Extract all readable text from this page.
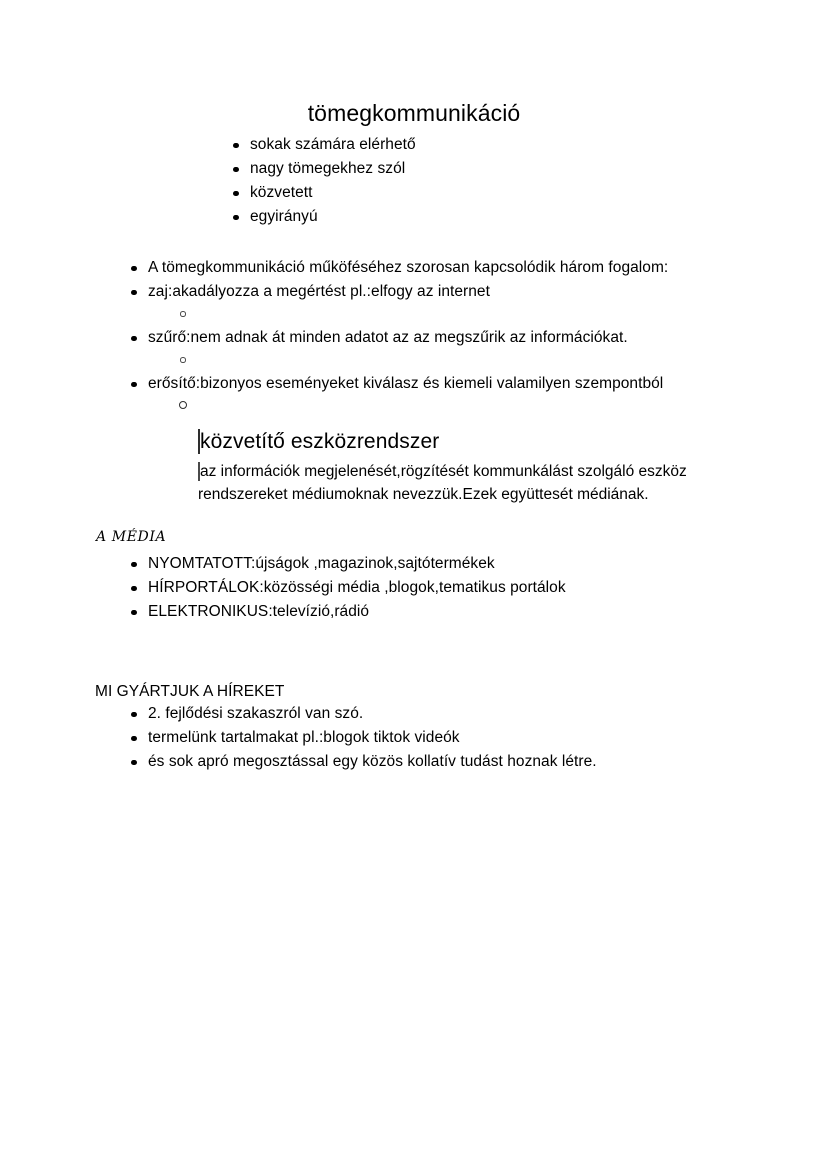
tömegkommunikáció
sokak számára elérhető
nagy tömegekhez szól
közvetett
egyirányú
A tömegkommunikáció műköféséhez szorosan kapcsolódik három fogalom:
zaj:akadályozza a megértést pl.:elfogy az internet
szűrő:nem adnak át minden adatot az az megszűrik az információkat.
erősítő:bizonyos eseményeket kiválasz és kiemeli valamilyen szempontból
közvetítő eszközrendszer
az információk megjelenését,rögzítését kommunkálást szolgáló eszköz rendszereket médiumoknak nevezzük.Ezek együttesét médiának.
A MÉDIA
NYOMTATOTT:újságok ,magazinok,sajtótermékek
HÍRPORTÁLOK:közösségi média ,blogok,tematikus portálok
ELEKTRONIKUS:televízió,rádió
MI GYÁRTJUK A HÍREKET
2. fejlődési szakaszról van szó.
termelünk tartalmakat pl.:blogok tiktok videók
és sok apró megosztással egy közös kollatív tudást hoznak létre.
